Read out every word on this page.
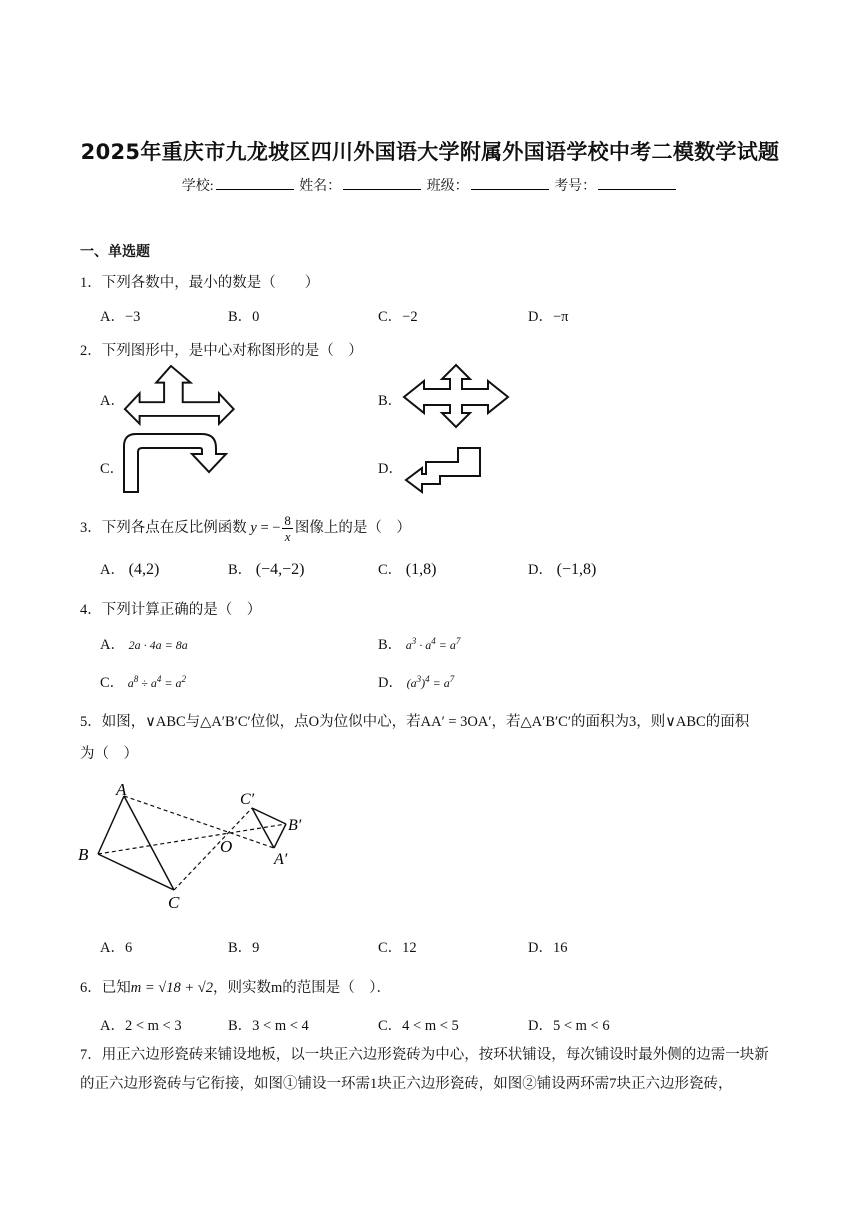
2025年重庆市九龙坡区四川外国语大学附属外国语学校中考二模数学试题
学校:	姓名：	班级：	考号：
一、单选题
1．下列各数中，最小的数是（　　）
A．−3	B．0	C．−2	D．−π
2．下列图形中，是中心对称图形的是（　）
A．	B．
C．	D．
3．下列各点在反比例函数 y = − $\frac{8}{x}$ 图像上的是（　）
A． (4,2)	B． (−4,−2)	C． (1,8)	D． (−1,8)
4．下列计算正确的是（　）
A． 2a · 4a = 8a	B． $a^3 \cdot a^4 = a^7$
C． $a^8 \div a^4 = a^2$	D． $(a^3)^4 = a^7$
5．如图，∨ABC与△A′B′C′位似，点O为位似中心，若AA′ = 3OA′，若△A′B′C′的面积为3，则∨ABC的面积
为（　）
A
B
C
O
A′
B′
C′
A．6	B．9	C．12	D．16
6．已知m = √18 + √2，则实数m的范围是（　）．
A．2 < m < 3	B．3 < m < 4	C．4 < m < 5	D．5 < m < 6
7．用正六边形瓷砖来铺设地板，以一块正六边形瓷砖为中心，按环状铺设，每次铺设时最外侧的边需一块新的正六边形瓷砖与它衔接，如图①铺设一环需1块正六边形瓷砖，如图②铺设两环需7块正六边形瓷砖，
